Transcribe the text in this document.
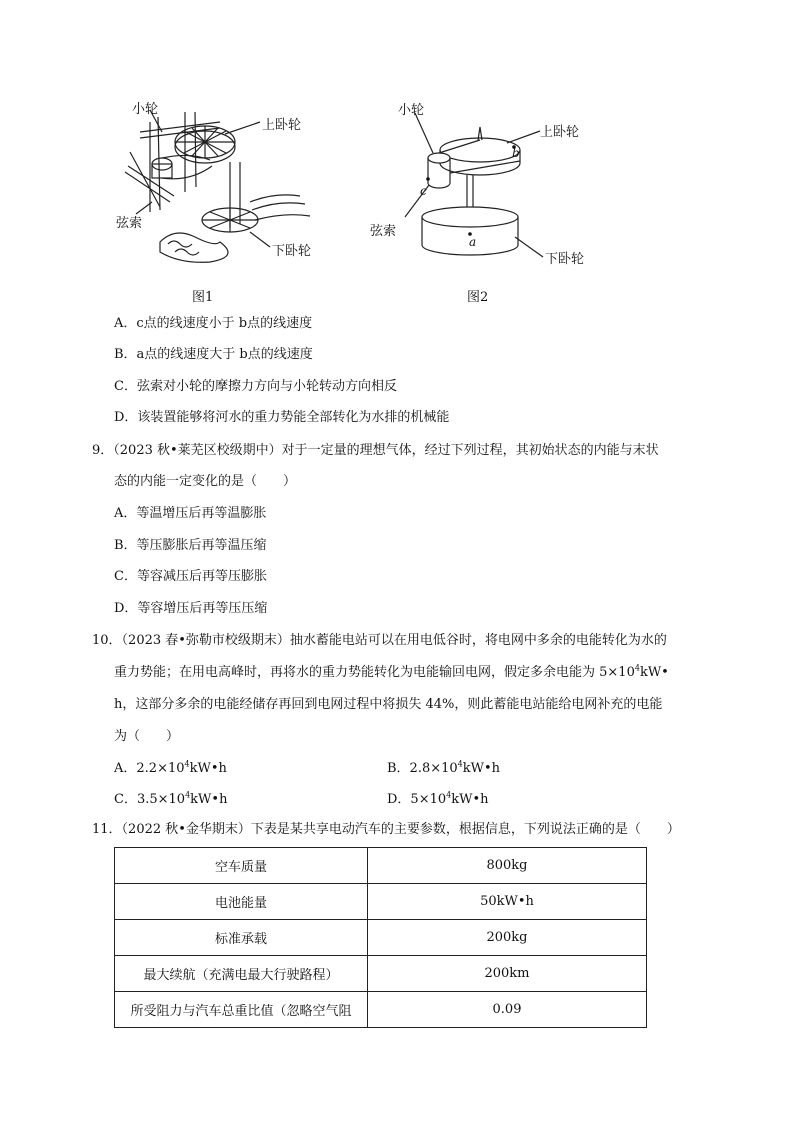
小轮
上卧轮
弦索
下卧轮
图1
小轮
上卧轮
弦索
下卧轮
b
c
a
图2
A．c点的线速度小于 b点的线速度
B．a点的线速度大于 b点的线速度
C．弦索对小轮的摩擦力方向与小轮转动方向相反
D．该装置能够将河水的重力势能全部转化为水排的机械能
9．（2023 秋•莱芜区校级期中）对于一定量的理想气体，经过下列过程，其初始状态的内能与末状
态的内能一定变化的是（　　）
A．等温增压后再等温膨胀
B．等压膨胀后再等温压缩
C．等容减压后再等压膨胀
D．等容增压后再等压压缩
10．（2023 春•弥勒市校级期末）抽水蓄能电站可以在用电低谷时，将电网中多余的电能转化为水的
重力势能；在用电高峰时，再将水的重力势能转化为电能输回电网，假定多余电能为 $5\times 10^4kW•$
h，这部分多余的电能经储存再回到电网过程中将损失 44%，则此蓄能电站能给电网补充的电能
为（　　）
A．$2.2\times 10^4kW•h$	B．$2.8\times 10^4kW•h$
C．$3.5\times 10^4kW•h$	D．$5\times 10^4kW•h$
11．（2022 秋•金华期末）下表是某共享电动汽车的主要参数，根据信息，下列说法正确的是（　　）
空车质量	800kg
电池能量	50kW•h
标准承载	200kg
最大续航（充满电最大行驶路程）	200km
所受阻力与汽车总重比值（忽略空气阻	0.09
